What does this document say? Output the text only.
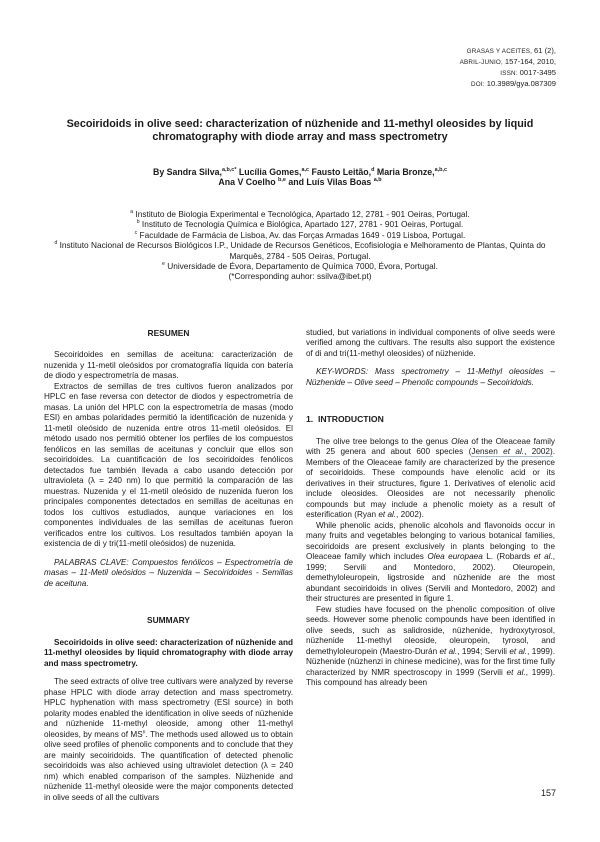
GRASAS Y ACEITES, 61 (2),
ABRIL-JUNIO, 157-164, 2010,
ISSN: 0017-3495
DOI: 10.3989/gya.087309
Secoiridoids in olive seed: characterization of nüzhenide and 11-methyl oleosides by liquid chromatography with diode array and mass spectrometry
By Sandra Silva,$^{a,b,c*}$ Lucília Gomes,$^{a,c}$ Fausto Leitão,$^d$ Maria Bronze,$^{a,b,c}$
Ana V Coelho $^{b,e}$ and Luís Vilas Boas $^{a,b}$
$^a$ Instituto de Biologia Experimental e Tecnológica, Apartado 12, 2781 - 901 Oeiras, Portugal.
$^b$ Instituto de Tecnologia Química e Biológica, Apartado 127, 2781 - 901 Oeiras, Portugal.
$^c$ Faculdade de Farmácia de Lisboa, Av. das Forças Armadas 1649 - 019 Lisboa, Portugal.
$^d$ Instituto Nacional de Recursos Biológicos I.P., Unidade de Recursos Genéticos, Ecofisiologia e Melhoramento de Plantas, Quinta do Marquês, 2784 - 505 Oeiras, Portugal.
$^e$ Universidade de Évora, Departamento de Química 7000, Évora, Portugal.
(*Corresponding auhor: ssilva@ibet.pt)
RESUMEN

Secoiridoides en semillas de aceituna: caracterización de nuzenida y 11-metil oleósidos por cromatografía líquida con batería de diodo y espectrometría de masas.

Extractos de semillas de tres cultivos fueron analizados por HPLC en fase reversa con detector de diodos y espectrometría de masas. La unión del HPLC con la espectrometría de masas (modo ESI) en ambas polaridades permitió la identificación de nuzenida y 11-metil oleósido de nuzenida entre otros 11-metil oleósidos. El método usado nos permitió obtener los perfiles de los compuestos fenólicos en las semillas de aceitunas y concluir que ellos son secoiridoides. La cuantificación de los secoiridoides fenólicos detectados fue también llevada a cabo usando detección por ultravioleta (λ = 240 nm) lo que permitió la comparación de las muestras. Nuzenida y el 11-metil oleósido de nuzenida fueron los principales componentes detectados en semillas de aceitunas en todos los cultivos estudiados, aunque variaciones en los componentes individuales de las semillas de aceitunas fueron verificados entre los cultivos. Los resultados también apoyan la existencia de di y tri(11-metil oleósidos) de nuzenida.

PALABRAS CLAVE: Compuestos fenólicos – Espectrometría de masas – 11-Metil oleósidos – Nuzenida – Secoiridoides - Semillas de aceituna.

SUMMARY

Secoiridoids in olive seed: characterization of nüzhenide and 11-methyl oleosides by liquid chromatography with diode array and mass spectrometry.

The seed extracts of olive tree cultivars were analyzed by reverse phase HPLC with diode array detection and mass spectrometry. HPLC hyphenation with mass spectrometry (ESI source) in both polarity modes enabled the identification in olive seeds of nüzhenide and nüzhenide 11-methyl oleoside, among other 11-methyl oleosides, by means of $MS^n$. The methods used allowed us to obtain olive seed profiles of phenolic components and to conclude that they are mainly secoiridoids. The quantification of detected phenolic secoiridoids was also achieved using ultraviolet detection (λ = 240 nm) which enabled comparison of the samples. Nüzhenide and nüzhenide 11-methyl oleoside were the major components detected in olive seeds of all the cultivars

studied, but variations in individual components of olive seeds were verified among the cultivars. The results also support the existence of di and tri(11-methyl oleosides) of nüzhenide.

KEY-WORDS: Mass spectrometry – 11-Methyl oleosides – Nüzhenide – Olive seed – Phenolic compounds – Secoiridoids.

1.  INTRODUCTION

The olive tree belongs to the genus Olea of the Oleaceae family with 25 genera and about 600 species (Jensen et al., 2002). Members of the Oleaceae family are characterized by the presence of secoiridoids. These compounds have elenolic acid or its derivatives in their structures, figure 1. Derivatives of elenolic acid include oleosides. Oleosides are not necessarily phenolic compounds but may include a phenolic moiety as a result of esterification (Ryan et al., 2002).

While phenolic acids, phenolic alcohols and flavonoids occur in many fruits and vegetables belonging to various botanical families, secoiridoids are present exclusively in plants belonging to the Oleaceae family which includes Olea europaea L. (Robards et al., 1999; Servili and Montedoro, 2002). Oleuropein, demethyloleuropein, ligstroside and nüzhenide are the most abundant secoiridoids in olives (Servili and Montedoro, 2002) and their structures are presented in figure 1.

Few studies have focused on the phenolic composition of olive seeds. However some phenolic compounds have been identified in olive seeds, such as salidroside, nüzhenide, hydroxytyrosol, nüzhenide 11-methyl oleoside, oleuropein, tyrosol, and demethyloleuropein (Maestro-Durán et al., 1994; Servili et al., 1999). Nüzhenide (nüzhenzi in chinese medicine), was for the first time fully characterized by NMR spectroscopy in 1999 (Servili et al., 1999). This compound has already been

157
